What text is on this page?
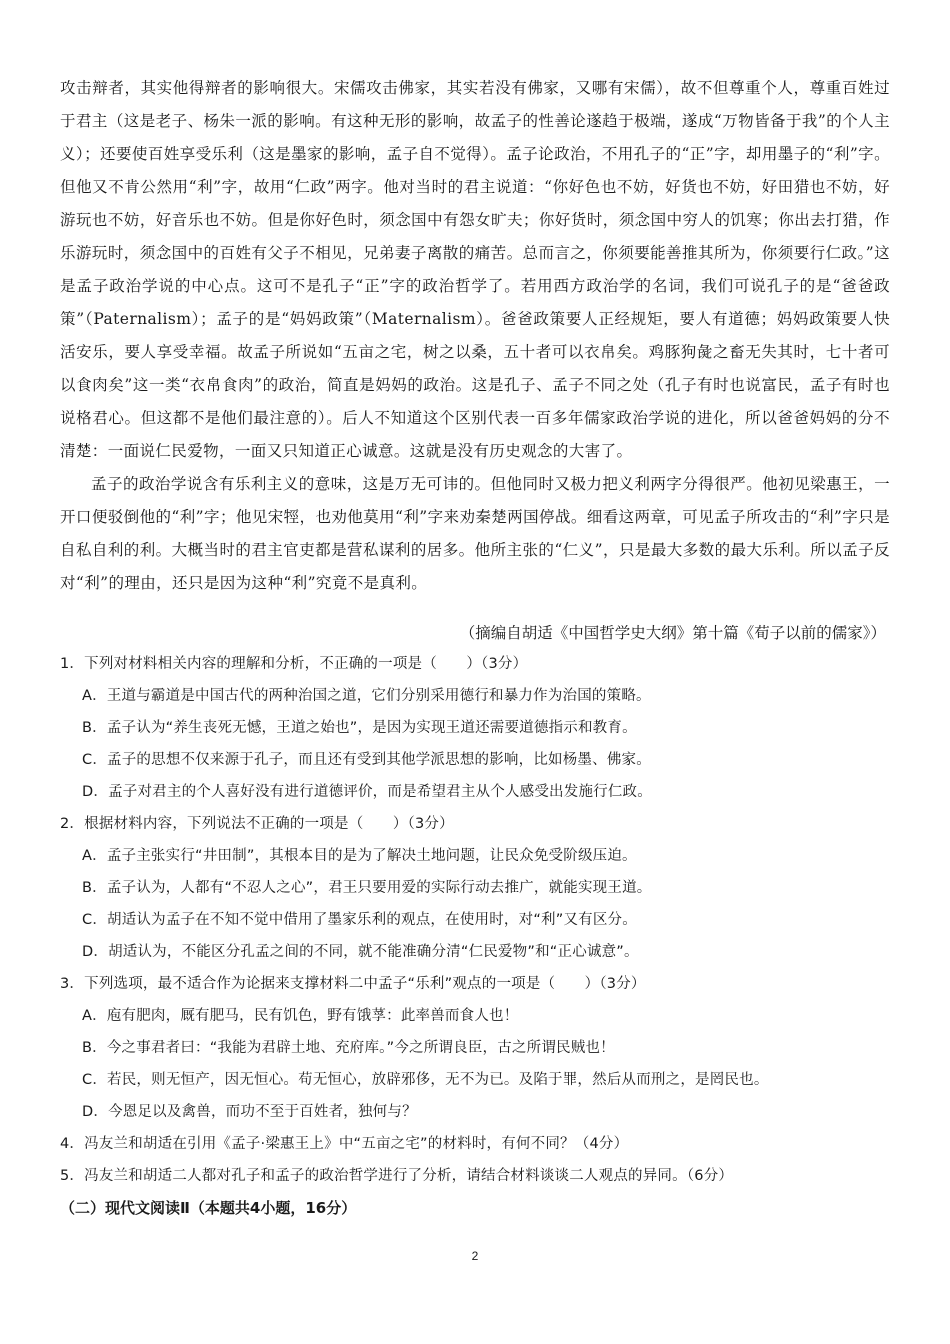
攻击辩者，其实他得辩者的影响很大。宋儒攻击佛家，其实若没有佛家，又哪有宋儒），故不但尊重个人，尊重百姓过于君主（这是老子、杨朱一派的影响。有这种无形的影响，故孟子的性善论遂趋于极端，遂成“万物皆备于我”的个人主义）；还要使百姓享受乐利（这是墨家的影响，孟子自不觉得）。孟子论政治，不用孔子的“正”字，却用墨子的“利”字。但他又不肯公然用“利”字，故用“仁政”两字。他对当时的君主说道：“你好色也不妨，好货也不妨，好田猎也不妨，好游玩也不妨，好音乐也不妨。但是你好色时，须念国中有怨女旷夫；你好货时，须念国中穷人的饥寒；你出去打猎，作乐游玩时，须念国中的百姓有父子不相见，兄弟妻子离散的痛苦。总而言之，你须要能善推其所为，你须要行仁政。”这是孟子政治学说的中心点。这可不是孔子“正”字的政治哲学了。若用西方政治学的名词，我们可说孔子的是“爸爸政策”（Paternalism）；孟子的是“妈妈政策”（Maternalism）。爸爸政策要人正经规矩，要人有道德；妈妈政策要人快活安乐，要人享受幸福。故孟子所说如“五亩之宅，树之以桑，五十者可以衣帛矣。鸡豚狗彘之畜无失其时，七十者可以食肉矣”这一类“衣帛食肉”的政治，简直是妈妈的政治。这是孔子、孟子不同之处（孔子有时也说富民，孟子有时也说格君心。但这都不是他们最注意的）。后人不知道这个区别代表一百多年儒家政治学说的进化，所以爸爸妈妈的分不清楚：一面说仁民爱物，一面又只知道正心诚意。这就是没有历史观念的大害了。

孟子的政治学说含有乐利主义的意味，这是万无可讳的。但他同时又极力把义利两字分得很严。他初见梁惠王，一开口便驳倒他的“利”字；他见宋牼，也劝他莫用“利”字来劝秦楚两国停战。细看这两章，可见孟子所攻击的“利”字只是自私自利的利。大概当时的君主官吏都是营私谋利的居多。他所主张的“仁义”，只是最大多数的最大乐利。所以孟子反对“利”的理由，还只是因为这种“利”究竟不是真利。

（摘编自胡适《中国哲学史大纲》第十篇《荀子以前的儒家》）
1．下列对材料相关内容的理解和分析，不正确的一项是（　　）（3分）
A．王道与霸道是中国古代的两种治国之道，它们分别采用德行和暴力作为治国的策略。
B．孟子认为“养生丧死无憾，王道之始也”，是因为实现王道还需要道德指示和教育。
C．孟子的思想不仅来源于孔子，而且还有受到其他学派思想的影响，比如杨墨、佛家。
D．孟子对君主的个人喜好没有进行道德评价，而是希望君主从个人感受出发施行仁政。
2．根据材料内容，下列说法不正确的一项是（　　）（3分）
A．孟子主张实行“井田制”，其根本目的是为了解决土地问题，让民众免受阶级压迫。
B．孟子认为，人都有“不忍人之心”，君王只要用爱的实际行动去推广，就能实现王道。
C．胡适认为孟子在不知不觉中借用了墨家乐利的观点，在使用时，对“利”又有区分。
D．胡适认为，不能区分孔孟之间的不同，就不能准确分清“仁民爱物”和“正心诚意”。
3．下列选项，最不适合作为论据来支撑材料二中孟子“乐利”观点的一项是（　　）（3分）
A．庖有肥肉，厩有肥马，民有饥色，野有饿莩：此率兽而食人也！
B．今之事君者曰：“我能为君辟土地、充府库。”今之所谓良臣，古之所谓民贼也！
C．若民，则无恒产，因无恒心。苟无恒心，放辟邪侈，无不为已。及陷于罪，然后从而刑之，是罔民也。
D．今恩足以及禽兽，而功不至于百姓者，独何与？
4．冯友兰和胡适在引用《孟子·梁惠王上》中“五亩之宅”的材料时，有何不同？（4分）
5．冯友兰和胡适二人都对孔子和孟子的政治哲学进行了分析，请结合材料谈谈二人观点的异同。（6分）
（二）现代文阅读Ⅱ（本题共4小题，16分）
2
